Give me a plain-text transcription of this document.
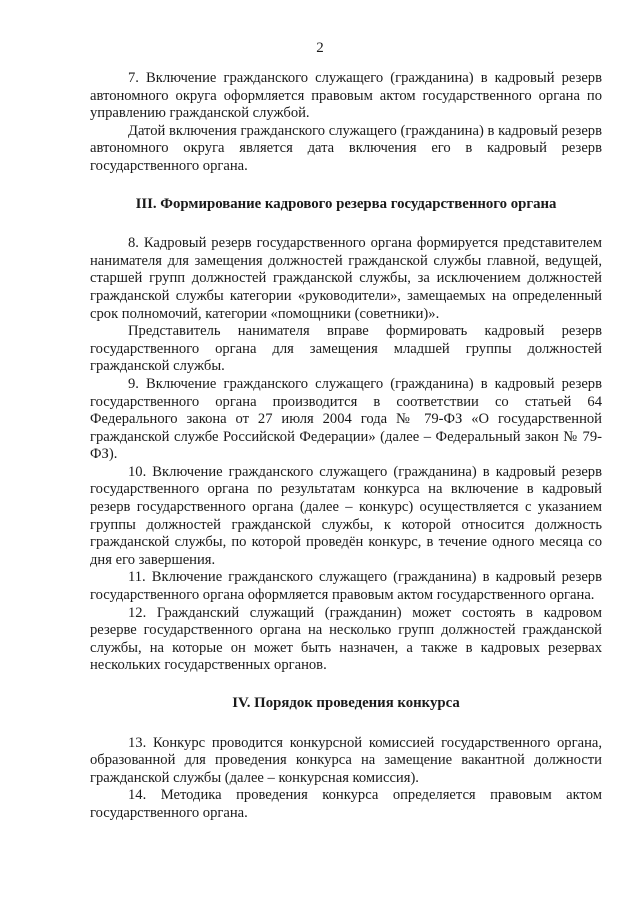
2

7. Включение гражданского служащего (гражданина) в кадровый резерв автономного округа оформляется правовым актом государственного органа по управлению гражданской службой.

Датой включения гражданского служащего (гражданина) в кадровый резерв автономного округа является дата включения его в кадровый резерв государственного органа.

III. Формирование кадрового резерва государственного органа

8. Кадровый резерв государственного органа формируется представителем нанимателя для замещения должностей гражданской службы главной, ведущей, старшей групп должностей гражданской службы, за исключением должностей гражданской службы категории «руководители», замещаемых на определенный срок полномочий, категории «помощники (советники)».

Представитель нанимателя вправе формировать кадровый резерв государственного органа для замещения младшей группы должностей гражданской службы.

9. Включение гражданского служащего (гражданина) в кадровый резерв государственного органа производится в соответствии со статьей 64 Федерального закона от 27 июля 2004 года № 79-ФЗ «О государственной гражданской службе Российской Федерации» (далее – Федеральный закон № 79-ФЗ).

10. Включение гражданского служащего (гражданина) в кадровый резерв государственного органа по результатам конкурса на включение в кадровый резерв государственного органа (далее – конкурс) осуществляется с указанием группы должностей гражданской службы, к которой относится должность гражданской службы, по которой проведён конкурс, в течение одного месяца со дня его завершения.

11. Включение гражданского служащего (гражданина) в кадровый резерв государственного органа оформляется правовым актом государственного органа.

12. Гражданский служащий (гражданин) может состоять в кадровом резерве государственного органа на несколько групп должностей гражданской службы, на которые он может быть назначен, а также в кадровых резервах нескольких государственных органов.

IV. Порядок проведения конкурса

13. Конкурс проводится конкурсной комиссией государственного органа, образованной для проведения конкурса на замещение вакантной должности гражданской службы (далее – конкурсная комиссия).

14. Методика проведения конкурса определяется правовым актом государственного органа.
